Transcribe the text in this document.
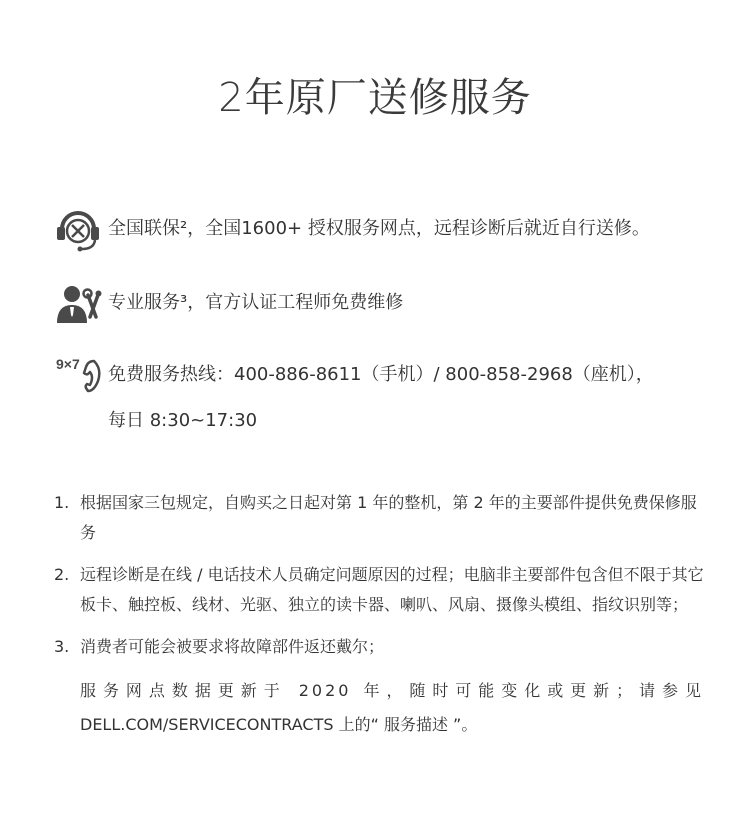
2年原厂送修服务
全国联保²，全国1600+ 授权服务网点，远程诊断后就近自行送修。
专业服务³，官方认证工程师免费维修
9×7 免费服务热线：400-886-8611（手机）/ 800-858-2968（座机），
每日 8:30~17:30
1. 根据国家三包规定，自购买之日起对第 1 年的整机，第 2 年的主要部件提供免费保修服务
2. 远程诊断是在线 / 电话技术人员确定问题原因的过程；电脑非主要部件包含但不限于其它板卡、触控板、线材、光驱、独立的读卡器、喇叭、风扇、摄像头模组、指纹识别等；
3. 消费者可能会被要求将故障部件返还戴尔；
服务网点数据更新于 2020 年，随时可能变化或更新；请参见
DELL.COM/SERVICECONTRACTS 上的“ 服务描述 ”。
